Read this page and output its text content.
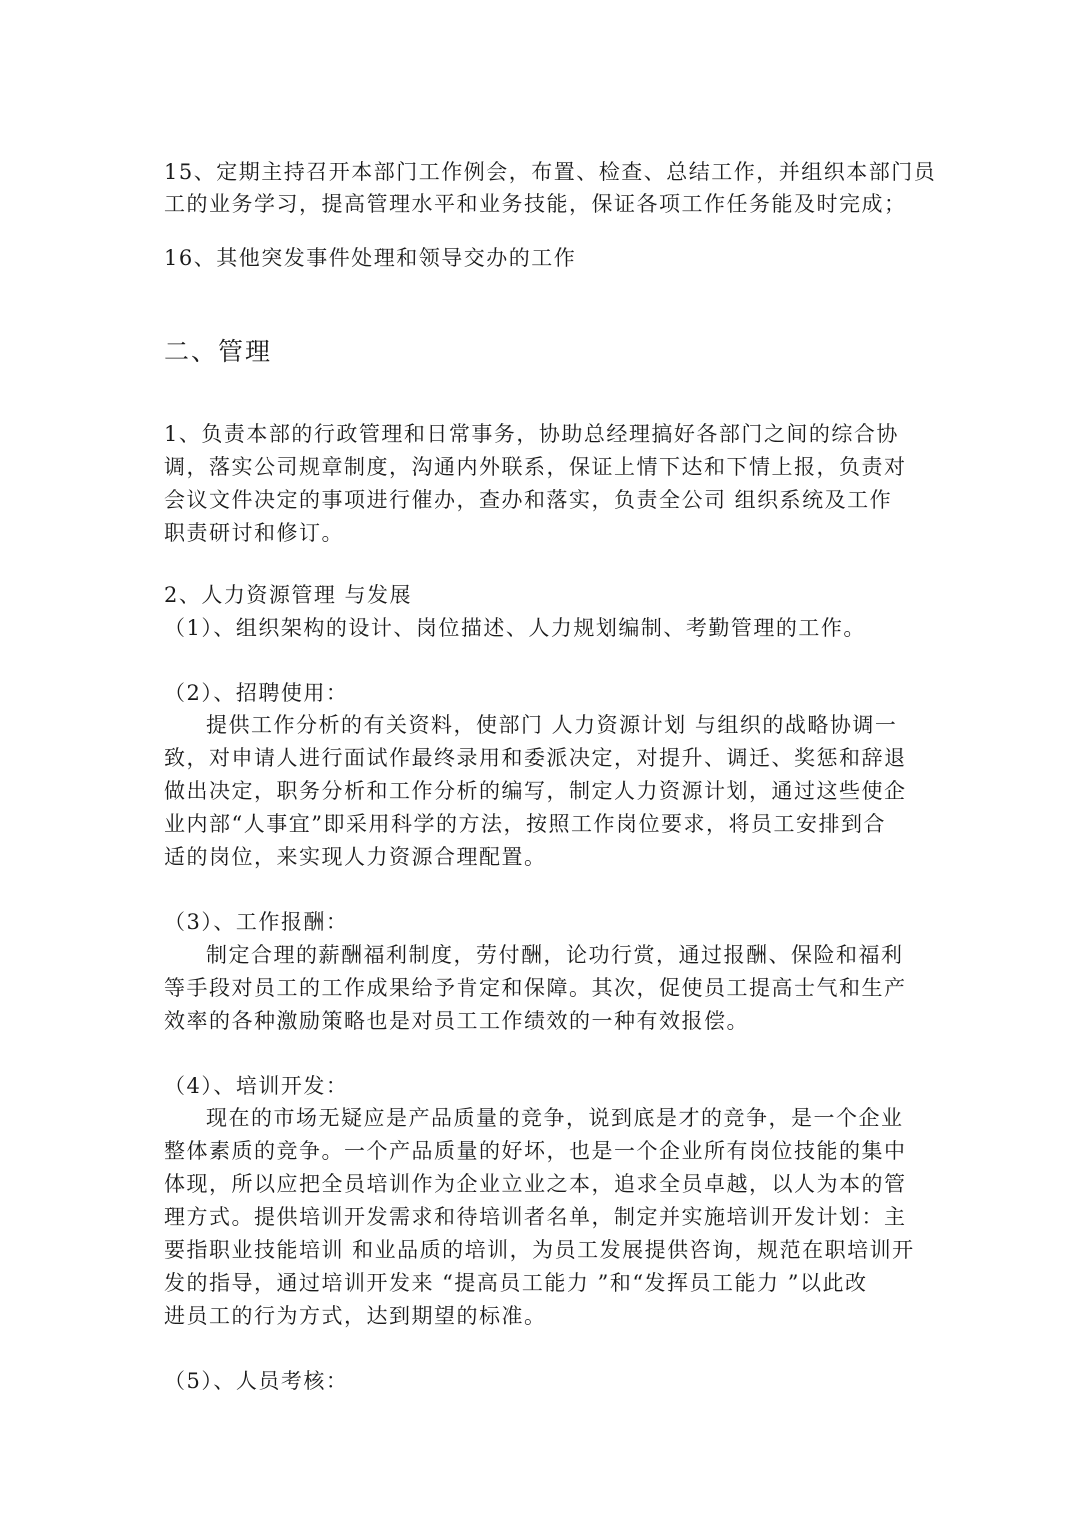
15、定期主持召开本部门工作例会，布置、检查、总结工作，并组织本部门员
工的业务学习，提高管理水平和业务技能，保证各项工作任务能及时完成；
16、其他突发事件处理和领导交办的工作
二、管理
1、负责本部的行政管理和日常事务，协助总经理搞好各部门之间的综合协
调，落实公司规章制度，沟通内外联系，保证上情下达和下情上报，负责对
会议文件决定的事项进行催办，查办和落实，负责全公司 组织系统及工作
职责研讨和修订。
2、人力资源管理 与发展
（1）、组织架构的设计、岗位描述、人力规划编制、考勤管理的工作。
（2）、招聘使用：
提供工作分析的有关资料，使部门 人力资源计划 与组织的战略协调一
致，对申请人进行面试作最终录用和委派决定，对提升、调迁、奖惩和辞退
做出决定，职务分析和工作分析的编写，制定人力资源计划，通过这些使企
业内部“人事宜”即采用科学的方法，按照工作岗位要求，将员工安排到合
适的岗位，来实现人力资源合理配置。
（3）、工作报酬：
制定合理的薪酬福利制度，劳付酬，论功行赏，通过报酬、保险和福利
等手段对员工的工作成果给予肯定和保障。其次，促使员工提高士气和生产
效率的各种激励策略也是对员工工作绩效的一种有效报偿。
（4）、培训开发：
现在的市场无疑应是产品质量的竞争，说到底是才的竞争，是一个企业
整体素质的竞争。一个产品质量的好坏，也是一个企业所有岗位技能的集中
体现，所以应把全员培训作为企业立业之本，追求全员卓越，以人为本的管
理方式。提供培训开发需求和待培训者名单，制定并实施培训开发计划：主
要指职业技能培训 和业品质的培训，为员工发展提供咨询，规范在职培训开
发的指导，通过培训开发来 “提高员工能力 ”和“发挥员工能力 ”以此改
进员工的行为方式，达到期望的标准。
（5）、人员考核：
